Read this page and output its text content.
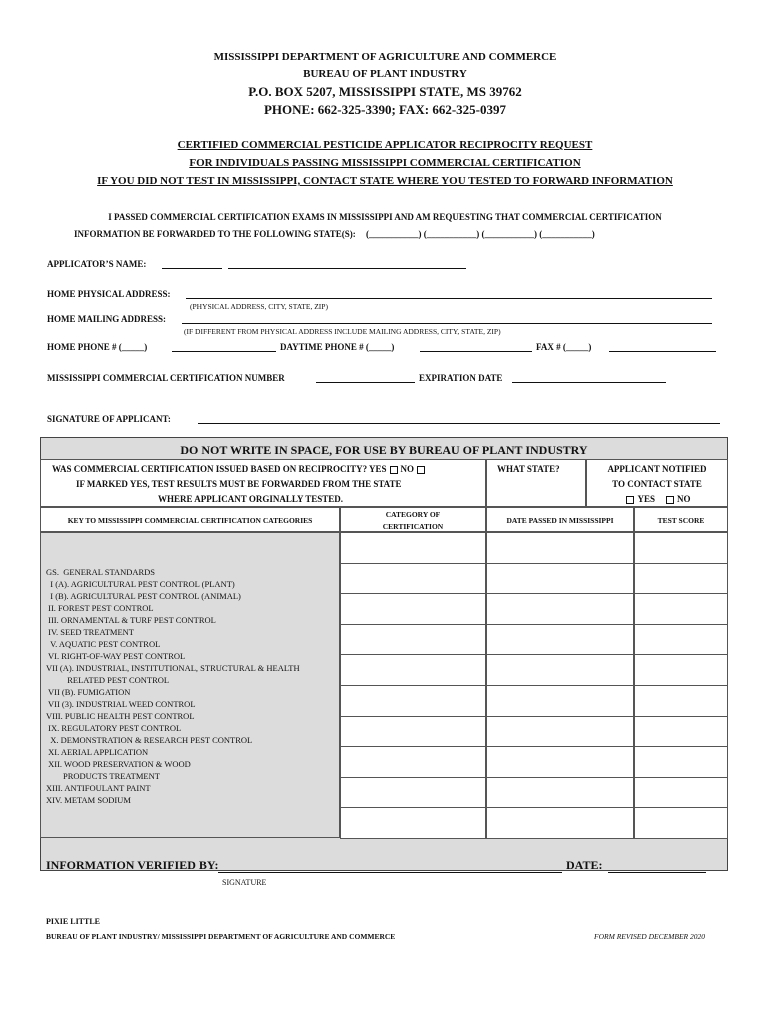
MISSISSIPPI DEPARTMENT OF AGRICULTURE AND COMMERCE
BUREAU OF PLANT INDUSTRY
P.O. BOX 5207, MISSISSIPPI STATE, MS 39762
PHONE: 662-325-3390; FAX: 662-325-0397
CERTIFIED COMMERCIAL PESTICIDE APPLICATOR RECIPROCITY REQUEST
FOR INDIVIDUALS PASSING MISSISSIPPI COMMERCIAL CERTIFICATION
IF YOU DID NOT TEST IN MISSISSIPPI, CONTACT STATE WHERE YOU TESTED TO FORWARD INFORMATION
I PASSED COMMERCIAL CERTIFICATION EXAMS IN MISSISSIPPI AND AM REQUESTING THAT COMMERCIAL CERTIFICATION
INFORMATION BE FORWARDED TO THE FOLLOWING STATE(S): (___________) (___________) (___________) (___________)
APPLICATOR’S NAME:
HOME PHYSICAL ADDRESS:
(PHYSICAL ADDRESS, CITY, STATE, ZIP)
HOME MAILING ADDRESS:
(IF DIFFERENT FROM PHYSICAL ADDRESS INCLUDE MAILING ADDRESS, CITY, STATE, ZIP)
HOME PHONE # (_____)	DAYTIME PHONE # (_____)	FAX # (_____)
MISSISSIPPI COMMERCIAL CERTIFICATION NUMBER	EXPIRATION DATE
SIGNATURE OF APPLICANT:
DO NOT WRITE IN SPACE, FOR USE BY BUREAU OF PLANT INDUSTRY
WAS COMMERCIAL CERTIFICATION ISSUED BASED ON RECIPROCITY? YES NO
IF MARKED YES, TEST RESULTS MUST BE FORWARDED FROM THE STATE
WHERE APPLICANT ORGINALLY TESTED.
WHAT STATE?	APPLICANT NOTIFIED
TO CONTACT STATE
YES NO
KEY TO MISSISSIPPI COMMERCIAL CERTIFICATION CATEGORIES
CATEGORY OF
CERTIFICATION
DATE PASSED IN MISSISSIPPI	TEST SCORE
GS.  GENERAL STANDARDS
I (A). AGRICULTURAL PEST CONTROL (PLANT)
I (B). AGRICULTURAL PEST CONTROL (ANIMAL)
II. FOREST PEST CONTROL
III. ORNAMENTAL & TURF PEST CONTROL
IV. SEED TREATMENT
V. AQUATIC PEST CONTROL
VI. RIGHT-OF-WAY PEST CONTROL
VII (A). INDUSTRIAL, INSTITUTIONAL, STRUCTURAL & HEALTH
RELATED PEST CONTROL
VII (B). FUMIGATION
VII (3). INDUSTRIAL WEED CONTROL
VIII. PUBLIC HEALTH PEST CONTROL
IX. REGULATORY PEST CONTROL
X. DEMONSTRATION & RESEARCH PEST CONTROL
XI. AERIAL APPLICATION
XII. WOOD PRESERVATION & WOOD
PRODUCTS TREATMENT
XIII. ANTIFOULANT PAINT
XIV. METAM SODIUM
INFORMATION VERIFIED BY:	DATE:
SIGNATURE
PIXIE LITTLE
BUREAU OF PLANT INDUSTRY/ MISSISSIPPI DEPARTMENT OF AGRICULTURE AND COMMERCE	FORM REVISED DECEMBER 2020
